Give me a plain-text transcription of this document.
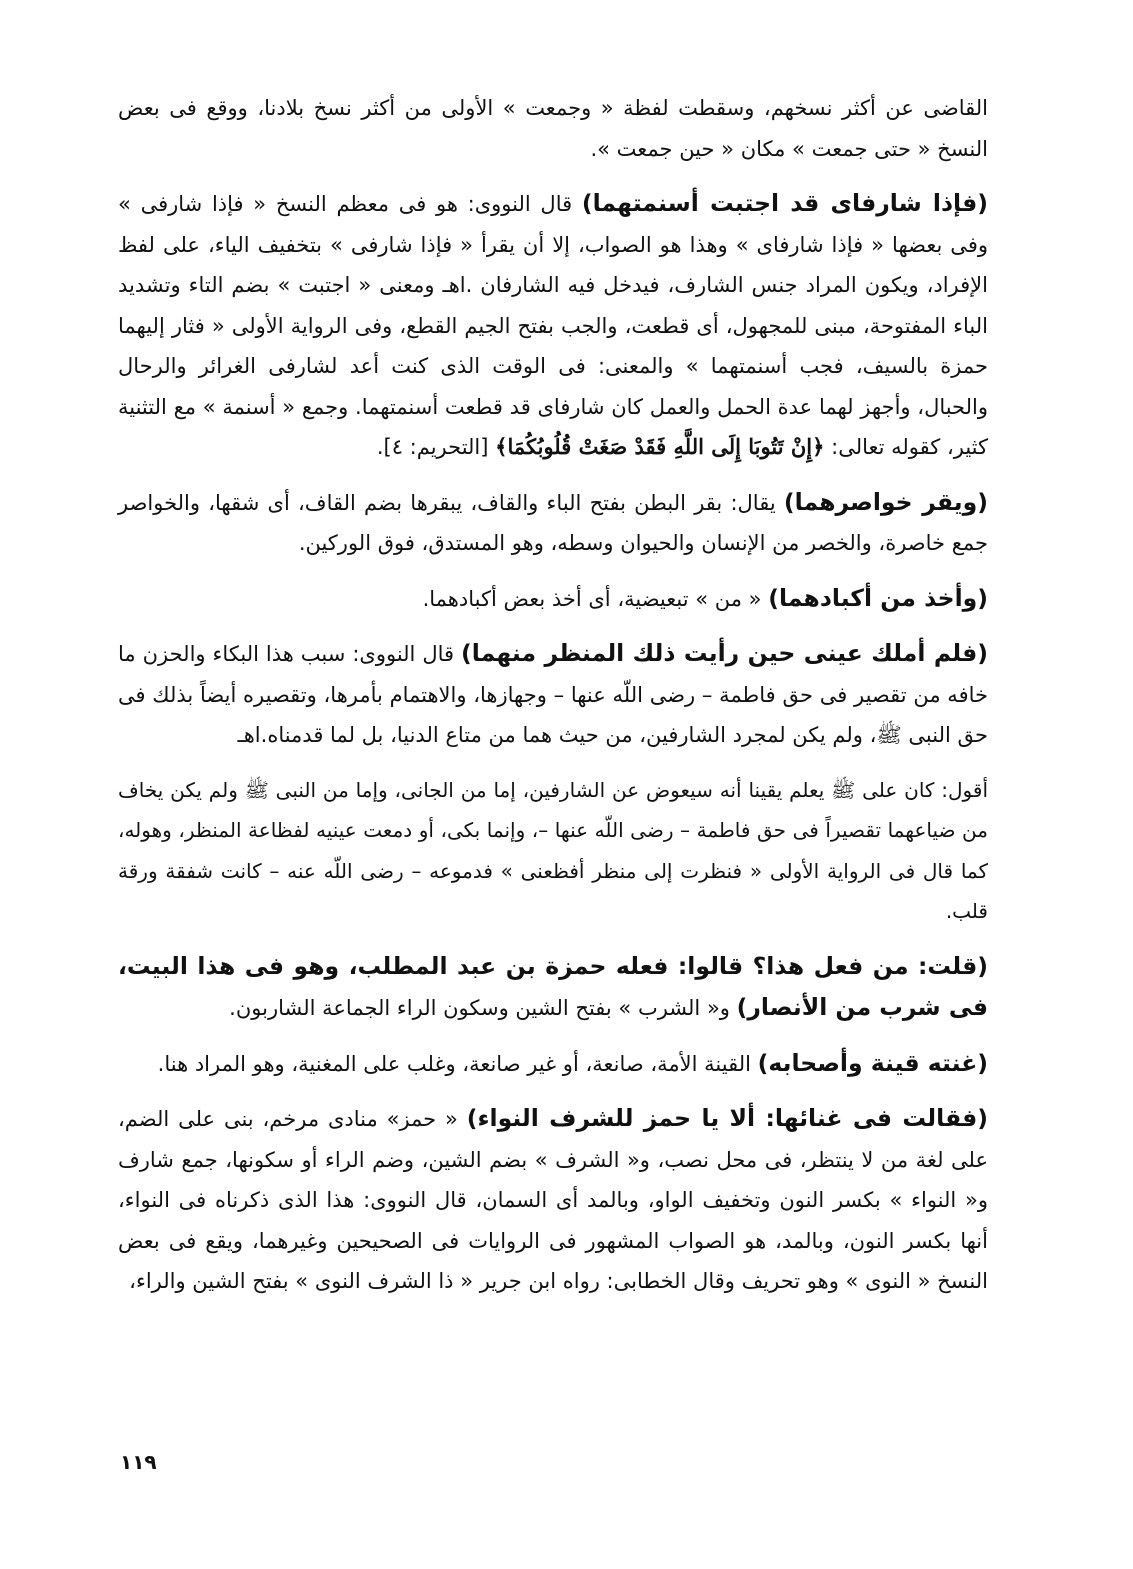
القاضى عن أكثر نسخهم، وسقطت لفظة « وجمعت » الأولى من أكثر نسخ بلادنا، ووقع فى بعض النسخ « حتى جمعت » مكان « حين جمعت ».

(فإذا شارفاى قد اجتبت أسنمتهما) قال النووى: هو فى معظم النسخ « فإذا شارفى » وفى بعضها « فإذا شارفاى » وهذا هو الصواب، إلا أن يقرأ « فإذا شارفى » بتخفيف الياء، على لفظ الإفراد، ويكون المراد جنس الشارف، فيدخل فيه الشارفان .اهـ ومعنى « اجتبت » بضم التاء وتشديد الباء المفتوحة، مبنى للمجهول، أى قطعت، والجب بفتح الجيم القطع، وفى الرواية الأولى « فثار إليهما حمزة بالسيف، فجب أسنمتهما » والمعنى: فى الوقت الذى كنت أعد لشارفى الغرائر والرحال والحبال، وأجهز لهما عدة الحمل والعمل كان شارفاى قد قطعت أسنمتهما. وجمع « أسنمة » مع التثنية كثير، كقوله تعالى: ﴿إِنْ تَتُوبَا إِلَى اللَّهِ فَقَدْ صَغَتْ قُلُوبُكُمَا﴾ [التحريم: ٤].

(ويقر خواصرهما) يقال: بقر البطن بفتح الباء والقاف، يبقرها بضم القاف، أى شقها، والخواصر جمع خاصرة، والخصر من الإنسان والحيوان وسطه، وهو المستدق، فوق الوركين.

(وأخذ من أكبادهما) « من » تبعيضية، أى أخذ بعض أكبادهما.

(فلم أملك عينى حين رأيت ذلك المنظر منهما) قال النووى: سبب هذا البكاء والحزن ما خافه من تقصير فى حق فاطمة – رضى اللّه عنها – وجهازها، والاهتمام بأمرها، وتقصيره أيضاً بذلك فى حق النبى ﷺ، ولم يكن لمجرد الشارفين، من حيث هما من متاع الدنيا، بل لما قدمناه.اهـ

أقول: كان على ﷺ يعلم يقينا أنه سيعوض عن الشارفين، إما من الجانى، وإما من النبى ﷺ ولم يكن يخاف من ضياعهما تقصيراً فى حق فاطمة – رضى اللّه عنها –، وإنما بكى، أو دمعت عينيه لفظاعة المنظر، وهوله، كما قال فى الرواية الأولى « فنظرت إلى منظر أفظعنى » فدموعه – رضى اللّه عنه – كانت شفقة ورقة قلب.

(قلت: من فعل هذا؟ قالوا: فعله حمزة بن عبد المطلب، وهو فى هذا البيت، فى شرب من الأنصار) و« الشرب » بفتح الشين وسكون الراء الجماعة الشاربون.

(غنته قينة وأصحابه) القينة الأمة، صانعة، أو غير صانعة، وغلب على المغنية، وهو المراد هنا.

(فقالت فى غنائها: ألا يا حمز للشرف النواء) « حمز» منادى مرخم، بنى على الضم، على لغة من لا ينتظر، فى محل نصب، و« الشرف » بضم الشين، وضم الراء أو سكونها، جمع شارف و« النواء » بكسر النون وتخفيف الواو، وبالمد أى السمان، قال النووى: هذا الذى ذكرناه فى النواء، أنها بكسر النون، وبالمد، هو الصواب المشهور فى الروايات فى الصحيحين وغيرهما، ويقع فى بعض النسخ « النوى » وهو تحريف وقال الخطابى: رواه ابن جرير « ذا الشرف النوى » بفتح الشين والراء،

١١٩
